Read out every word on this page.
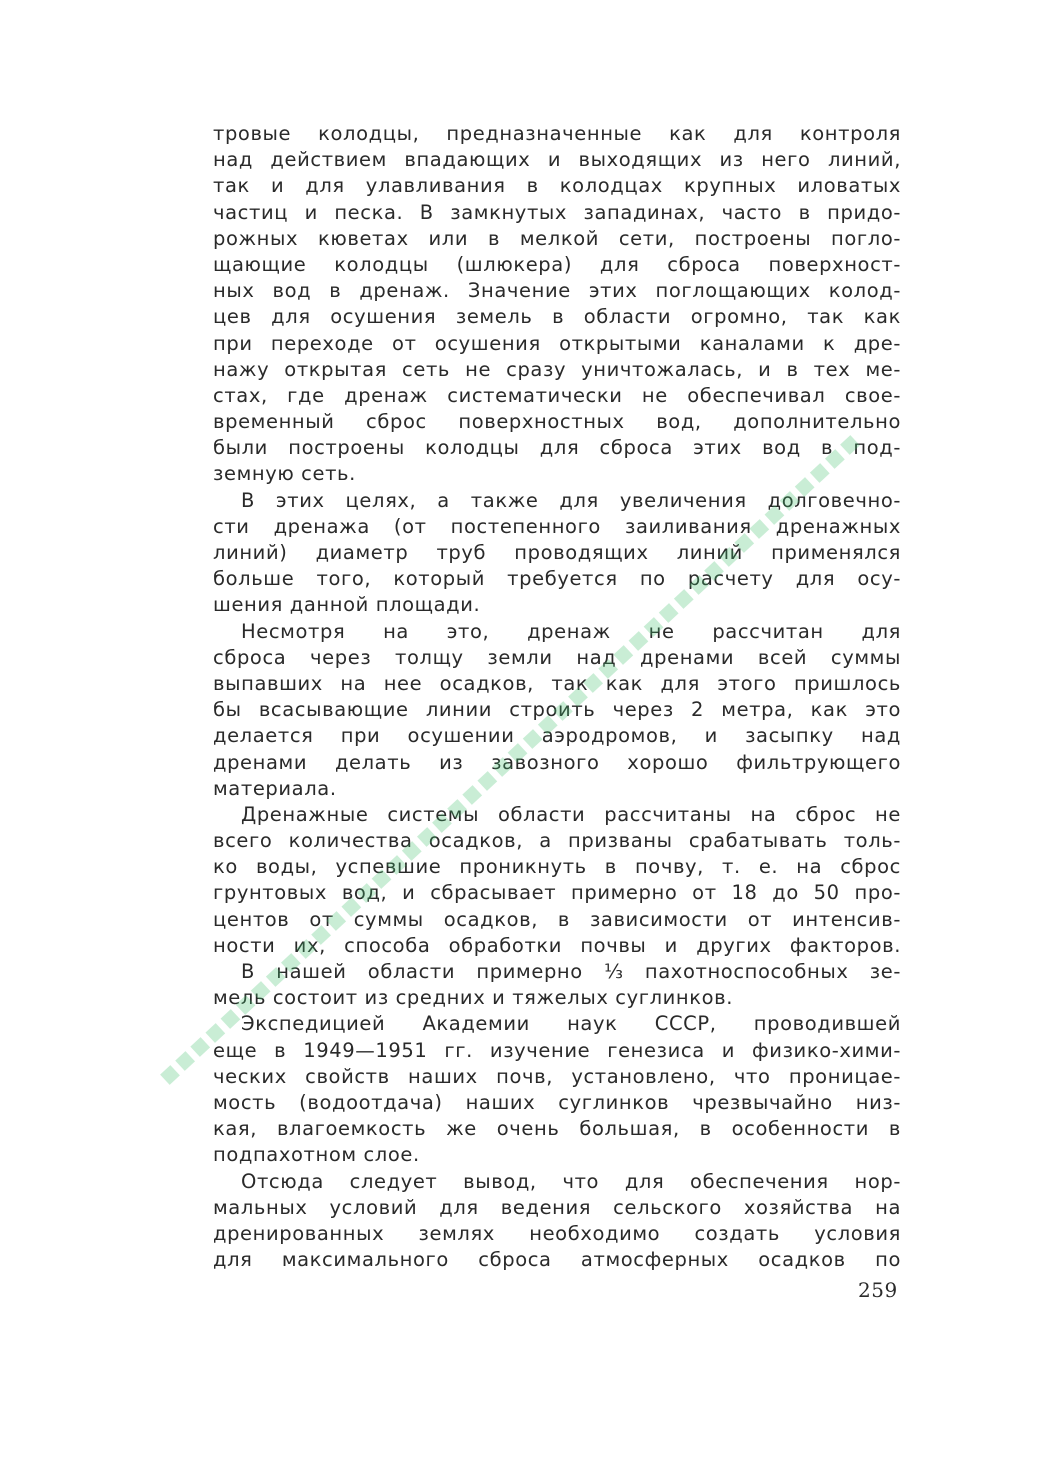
тровые колодцы, предназначенные как для контроля
над действием впадающих и выходящих из него линий,
так и для улавливания в колодцах крупных иловатых
частиц и песка. В замкнутых западинах, часто в придо-
рожных кюветах или в мелкой сети, построены погло-
щающие колодцы (шлюкера) для сброса поверхност-
ных вод в дренаж. Значение этих поглощающих колод-
цев для осушения земель в области огромно, так как
при переходе от осушения открытыми каналами к дре-
нажу открытая сеть не сразу уничтожалась, и в тех ме-
стах, где дренаж систематически не обеспечивал свое-
временный сброс поверхностных вод, дополнительно
были построены колодцы для сброса этих вод в под-
земную сеть.
В этих целях, а также для увеличения долговечно-
сти дренажа (от постепенного заиливания дренажных
линий) диаметр труб проводящих линий применялся
больше того, который требуется по расчету для осу-
шения данной площади.
Несмотря на это, дренаж не рассчитан для
сброса через толщу земли над дренами всей суммы
выпавших на нее осадков, так как для этого пришлось
бы всасывающие линии строить через 2 метра, как это
делается при осушении аэродромов, и засыпку над
дренами делать из завозного хорошо фильтрующего
материала.
Дренажные системы области рассчитаны на сброс не
всего количества осадков, а призваны срабатывать толь-
ко воды, успевшие проникнуть в почву, т. е. на сброс
грунтовых вод, и сбрасывает примерно от 18 до 50 про-
центов от суммы осадков, в зависимости от интенсив-
ности их, способа обработки почвы и других факторов.
В нашей области примерно ⅓ пахотноспособных зе-
мель состоит из средних и тяжелых суглинков.
Экспедицией Академии наук СССР, проводившей
еще в 1949—1951 гг. изучение генезиса и физико-хими-
ческих свойств наших почв, установлено, что проницае-
мость (водоотдача) наших суглинков чрезвычайно низ-
кая, влагоемкость же очень большая, в особенности в
подпахотном слое.
Отсюда следует вывод, что для обеспечения нор-
мальных условий для ведения сельского хозяйства на
дренированных землях необходимо создать условия
для максимального сброса атмосферных осадков по
259
